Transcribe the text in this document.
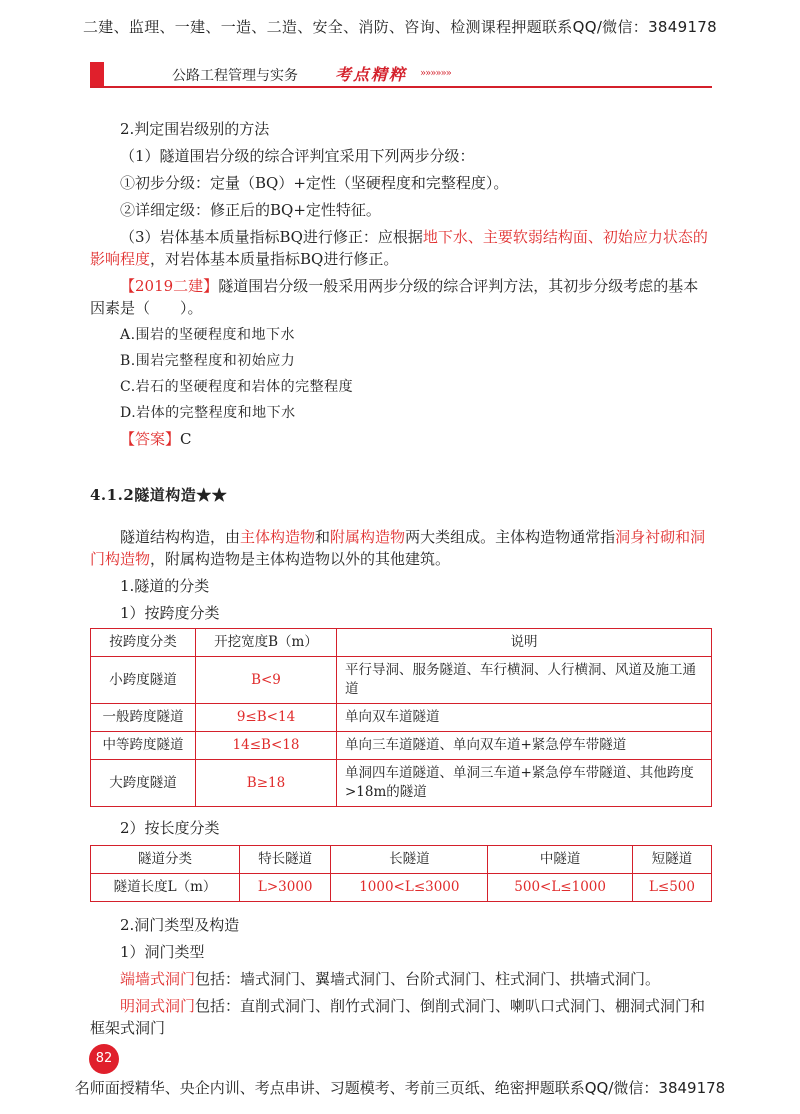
二建、监理、一建、一造、二造、安全、消防、咨询、检测课程押题联系QQ/微信：3849178
公路工程管理与实务 考点精粹 »»»»»»

2.判定围岩级别的方法

（1）隧道围岩分级的综合评判宜采用下列两步分级：

①初步分级：定量（BQ）+定性（坚硬程度和完整程度）。

②详细定级：修正后的BQ+定性特征。

（3）岩体基本质量指标BQ进行修正：应根据地下水、主要软弱结构面、初始应力状态的影响程度，对岩体基本质量指标BQ进行修正。

【2019二建】隧道围岩分级一般采用两步分级的综合评判方法，其初步分级考虑的基本因素是（　　）。

A.围岩的坚硬程度和地下水

B.围岩完整程度和初始应力

C.岩石的坚硬程度和岩体的完整程度

D.岩体的完整程度和地下水

【答案】C

4.1.2隧道构造★★

隧道结构构造，由主体构造物和附属构造物两大类组成。主体构造物通常指洞身衬砌和洞门构造物，附属构造物是主体构造物以外的其他建筑。

1.隧道的分类

1）按跨度分类

按跨度分类	开挖宽度B（m）	说明
小跨度隧道	B<9	平行导洞、服务隧道、车行横洞、人行横洞、风道及施工通道
一般跨度隧道	9≤B<14	单向双车道隧道
中等跨度隧道	14≤B<18	单向三车道隧道、单向双车道+紧急停车带隧道
大跨度隧道	B≥18	单洞四车道隧道、单洞三车道+紧急停车带隧道、其他跨度>18m的隧道

2）按长度分类

隧道分类	特长隧道	长隧道	中隧道	短隧道
隧道长度L（m）	L>3000	1000<L≤3000	500<L≤1000	L≤500

2.洞门类型及构造

1）洞门类型

端墙式洞门包括：墙式洞门、翼墙式洞门、台阶式洞门、柱式洞门、拱墙式洞门。

明洞式洞门包括：直削式洞门、削竹式洞门、倒削式洞门、喇叭口式洞门、棚洞式洞门和框架式洞门

82
名师面授精华、央企内训、考点串讲、习题模考、考前三页纸、绝密押题联系QQ/微信：3849178
